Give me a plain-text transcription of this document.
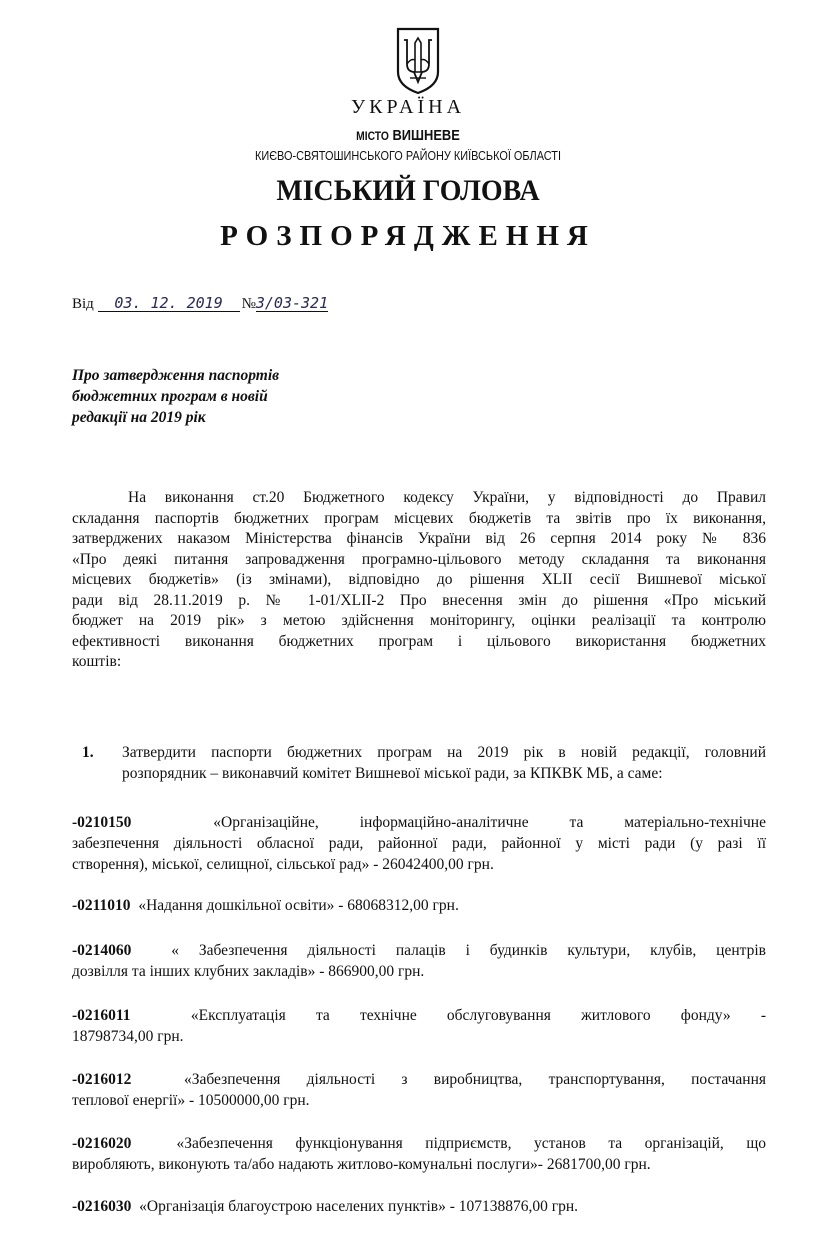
УКРАЇНА
МІСТО ВИШНЕВЕ
КИЄВО-СВЯТОШИНСЬКОГО РАЙОНУ КИЇВСЬКОЇ ОБЛАСТІ
МІСЬКИЙ ГОЛОВА
РОЗПОРЯДЖЕННЯ
Від 03. 12. 2019 №3/03-321
Про затвердження паспортів
бюджетних програм в новій
редакції на 2019 рік
На виконання ст.20 Бюджетного кодексу України, у відповідності до Правил
складання паспортів бюджетних програм місцевих бюджетів та звітів про їх виконання,
затверджених наказом Міністерства фінансів України від 26 серпня 2014 року № 836
«Про деякі питання запровадження програмно-цільового методу складання та виконання
місцевих бюджетів» (із змінами), відповідно до рішення XLII сесії Вишневої міської
ради від 28.11.2019 р. № 1-01/XLII-2 Про внесення змін до рішення «Про міський
бюджет на 2019 рік» з метою здійснення моніторингу, оцінки реалізації та контролю
ефективності виконання бюджетних програм і цільового використання бюджетних
коштів:
1. Затвердити паспорти бюджетних програм на 2019 рік в новій редакції, головний
розпорядник – виконавчий комітет Вишневої міської ради, за КПКВК МБ, а саме:
-0210150	«Організаційне, інформаційно-аналітичне та матеріально-технічне
забезпечення діяльності обласної ради, районної ради, районної у місті ради (у разі її
створення), міської, селищної, сільської рад» - 26042400,00 грн.
-0211010 «Надання дошкільної освіти» - 68068312,00 грн.
-0214060	« Забезпечення діяльності палаців і будинків культури, клубів, центрів
дозвілля та інших клубних закладів» - 866900,00 грн.
-0216011	«Експлуатація та технічне обслуговування житлового фонду» -
18798734,00 грн.
-0216012	«Забезпечення діяльності з виробництва, транспортування, постачання
теплової енергії» - 10500000,00 грн.
-0216020	«Забезпечення функціонування підприємств, установ та організацій, що
виробляють, виконують та/або надають житлово-комунальні послуги»- 2681700,00 грн.
-0216030 «Організація благоустрою населених пунктів» - 107138876,00 грн.
